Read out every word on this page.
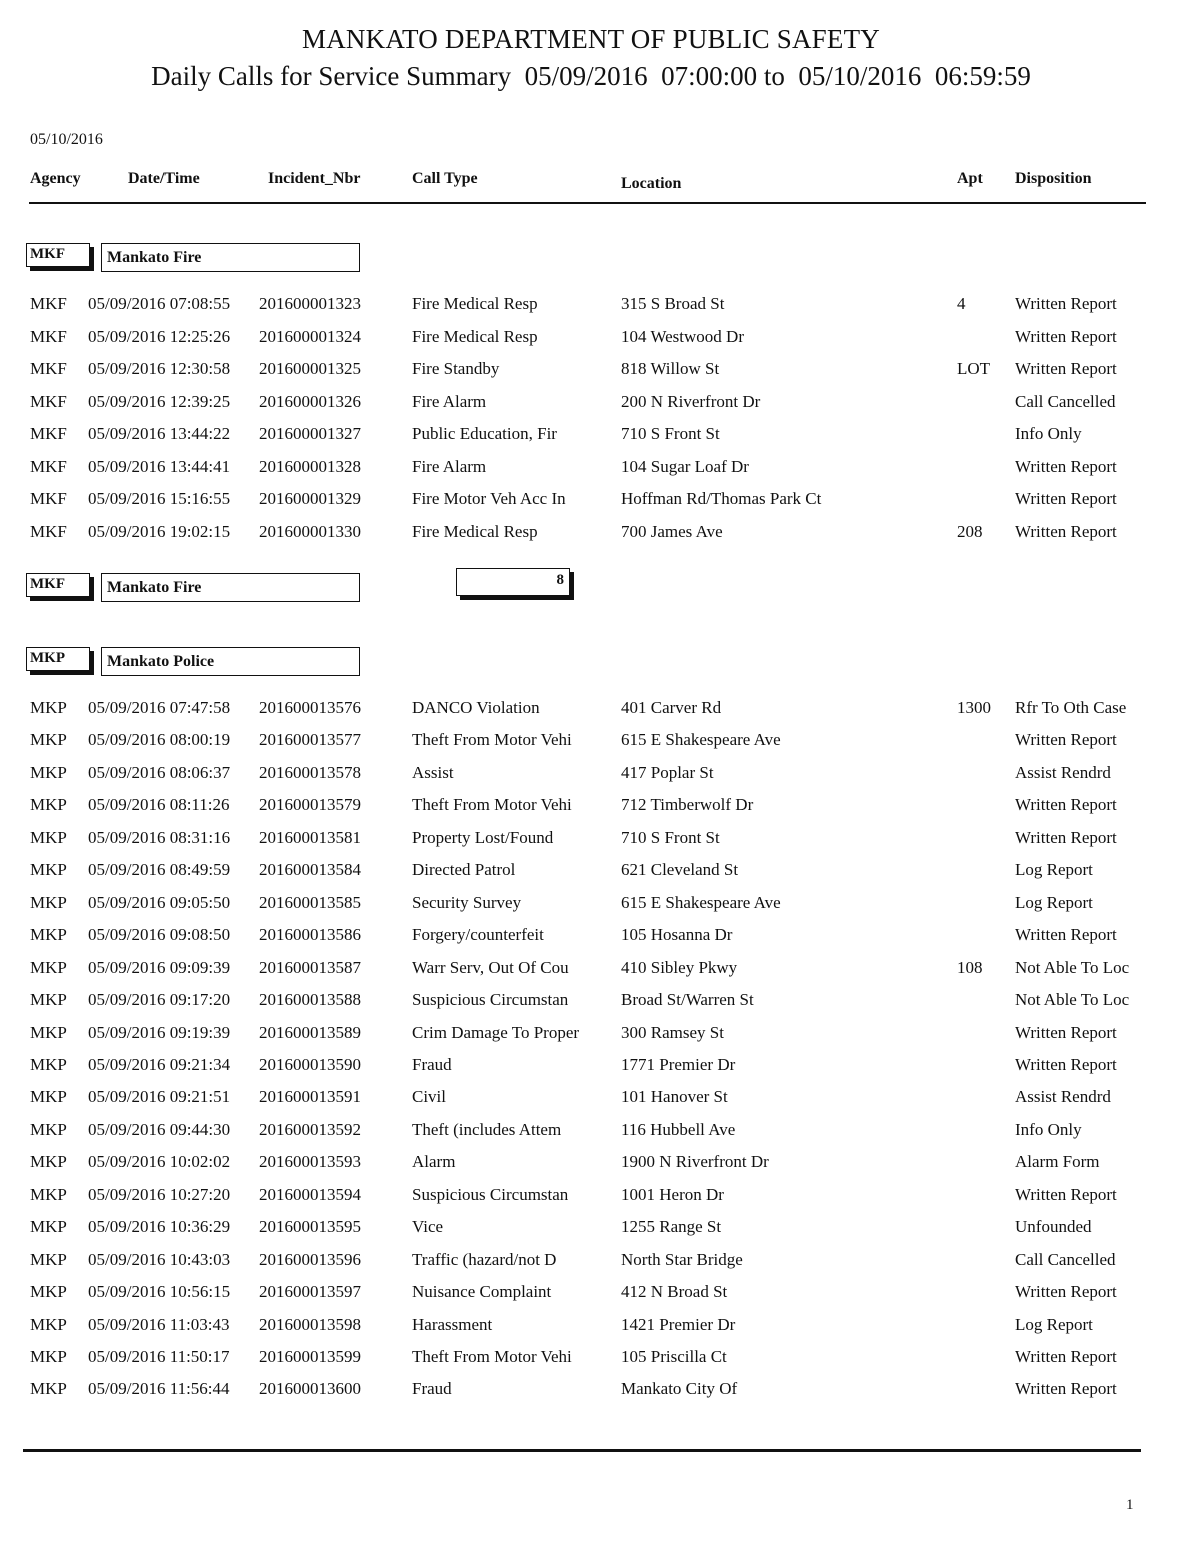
MANKATO DEPARTMENT OF PUBLIC SAFETY
Daily Calls for Service Summary  05/09/2016  07:00:00 to  05/10/2016  06:59:59
05/10/2016
Agency	Date/Time	Incident_Nbr	Call Type	Location	Apt Disposition
MKF	Mankato Fire
MKF 05/09/2016 07:08:55 201600001323	Fire Medical Resp	315 S Broad St	4	Written Report
MKF 05/09/2016 12:25:26 201600001324	Fire Medical Resp	104 Westwood Dr	Written Report
MKF 05/09/2016 12:30:58 201600001325	Fire Standby	818 Willow St	LOT Written Report
MKF 05/09/2016 12:39:25 201600001326	Fire Alarm	200 N Riverfront Dr	Call Cancelled
MKF 05/09/2016 13:44:22 201600001327	Public Education, Fir	710 S Front St	Info Only
MKF 05/09/2016 13:44:41 201600001328	Fire Alarm	104 Sugar Loaf Dr	Written Report
MKF 05/09/2016 15:16:55 201600001329	Fire Motor Veh Acc In	Hoffman Rd/Thomas Park Ct	Written Report
MKF 05/09/2016 19:02:15 201600001330	Fire Medical Resp	700 James Ave	208 Written Report
MKF	Mankato Fire	8
MKP	Mankato Police
MKP 05/09/2016 07:47:58 201600013576	DANCO Violation	401 Carver Rd	1300 Rfr To Oth Case
MKP 05/09/2016 08:00:19 201600013577	Theft From Motor Vehi	615 E Shakespeare Ave	Written Report
MKP 05/09/2016 08:06:37 201600013578	Assist	417 Poplar St	Assist Rendrd
MKP 05/09/2016 08:11:26 201600013579	Theft From Motor Vehi	712 Timberwolf Dr	Written Report
MKP 05/09/2016 08:31:16 201600013581	Property Lost/Found	710 S Front St	Written Report
MKP 05/09/2016 08:49:59 201600013584	Directed Patrol	621 Cleveland St	Log Report
MKP 05/09/2016 09:05:50 201600013585	Security Survey	615 E Shakespeare Ave	Log Report
MKP 05/09/2016 09:08:50 201600013586	Forgery/counterfeit	105 Hosanna Dr	Written Report
MKP 05/09/2016 09:09:39 201600013587	Warr Serv, Out Of Cou	410 Sibley Pkwy	108 Not Able To Loc
MKP 05/09/2016 09:17:20 201600013588	Suspicious Circumstan	Broad St/Warren St	Not Able To Loc
MKP 05/09/2016 09:19:39 201600013589	Crim Damage To Proper 300 Ramsey St	Written Report
MKP 05/09/2016 09:21:34 201600013590	Fraud	1771 Premier Dr	Written Report
MKP 05/09/2016 09:21:51 201600013591	Civil	101 Hanover St	Assist Rendrd
MKP 05/09/2016 09:44:30 201600013592	Theft (includes Attem	116 Hubbell Ave	Info Only
MKP 05/09/2016 10:02:02 201600013593	Alarm	1900 N Riverfront Dr	Alarm Form
MKP 05/09/2016 10:27:20 201600013594	Suspicious Circumstan	1001 Heron Dr	Written Report
MKP 05/09/2016 10:36:29 201600013595	Vice	1255 Range St	Unfounded
MKP 05/09/2016 10:43:03 201600013596	Traffic (hazard/not D	North Star Bridge	Call Cancelled
MKP 05/09/2016 10:56:15 201600013597	Nuisance Complaint	412 N Broad St	Written Report
MKP 05/09/2016 11:03:43 201600013598	Harassment	1421 Premier Dr	Log Report
MKP 05/09/2016 11:50:17 201600013599	Theft From Motor Vehi	105 Priscilla Ct	Written Report
MKP 05/09/2016 11:56:44 201600013600	Fraud	Mankato City Of	Written Report
1
